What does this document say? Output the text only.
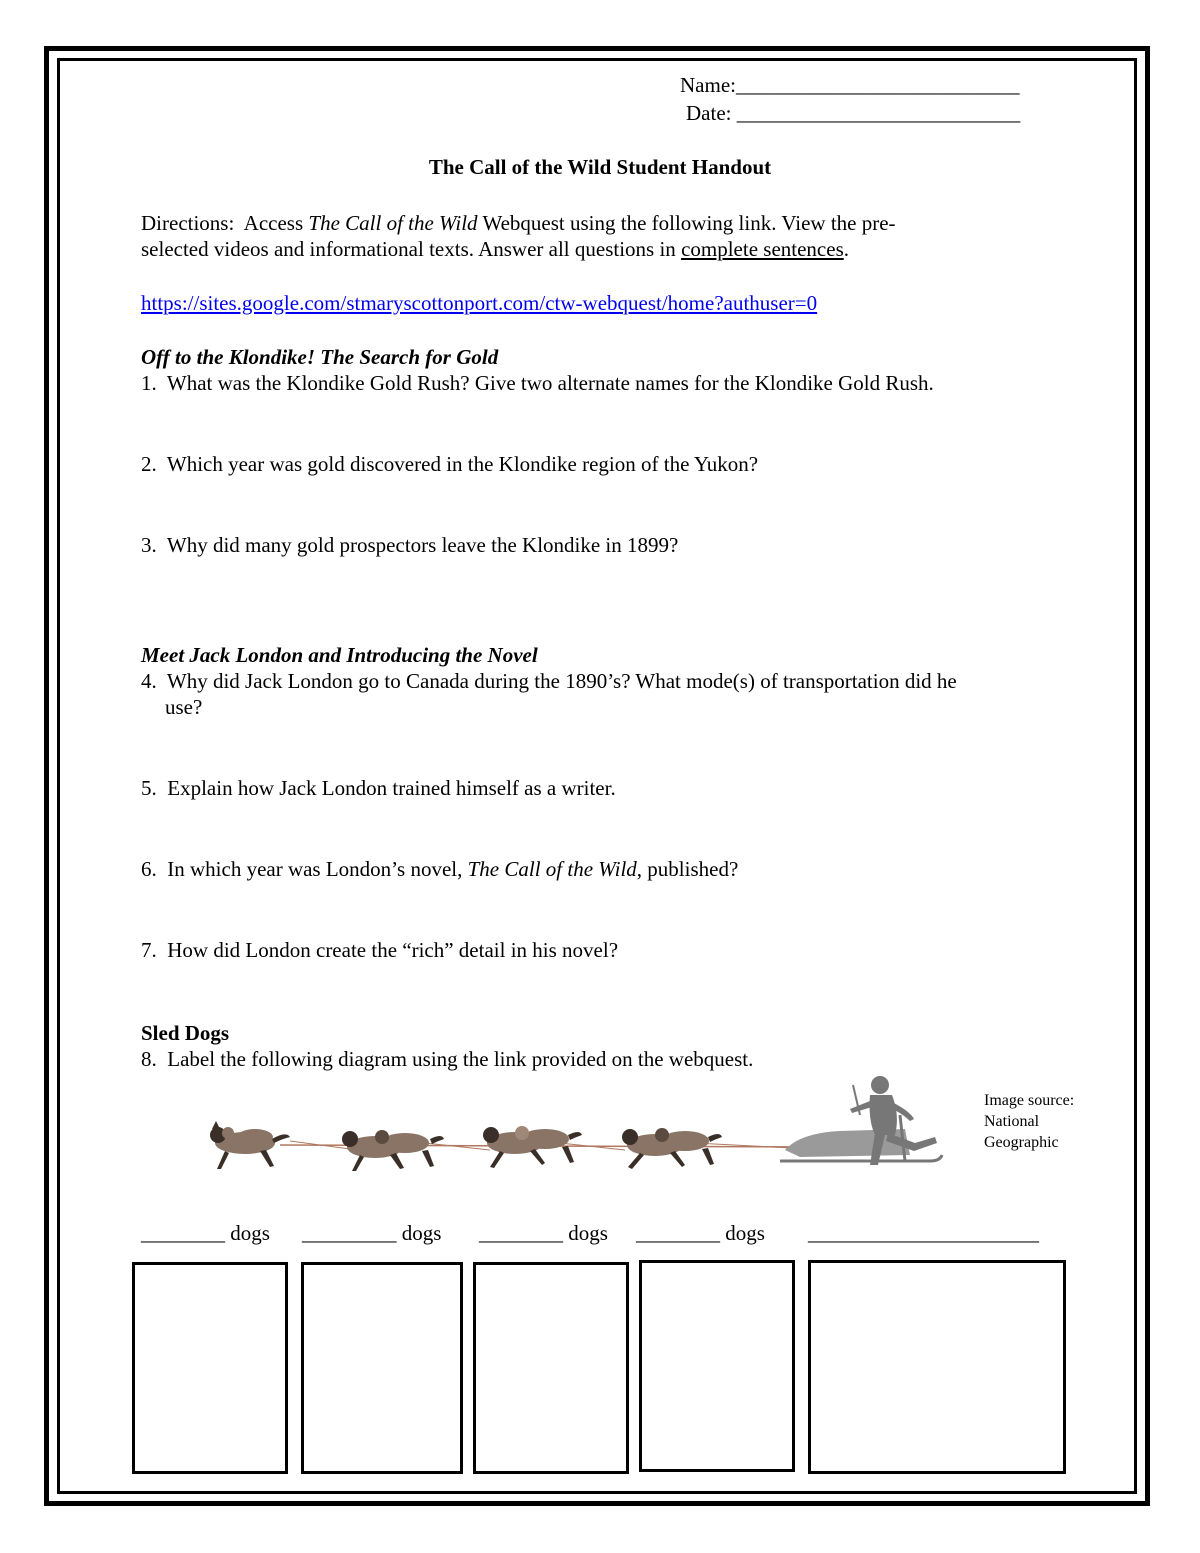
Name:___________________________
Date: ___________________________
The Call of the Wild Student Handout
Directions: Access The Call of the Wild Webquest using the following link. View the pre-
selected videos and informational texts. Answer all questions in complete sentences.
https://sites.google.com/stmaryscottonport.com/ctw-webquest/home?authuser=0
Off to the Klondike! The Search for Gold
1. What was the Klondike Gold Rush? Give two alternate names for the Klondike Gold Rush.
2. Which year was gold discovered in the Klondike region of the Yukon?
3. Why did many gold prospectors leave the Klondike in 1899?
Meet Jack London and Introducing the Novel
4. Why did Jack London go to Canada during the 1890’s? What mode(s) of transportation did he
use?
5. Explain how Jack London trained himself as a writer.
6. In which year was London’s novel, The Call of the Wild, published?
7. How did London create the “rich” detail in his novel?
Sled Dogs
8. Label the following diagram using the link provided on the webquest.
Image source:
National
Geographic
________ dogs _________ dogs ________ dogs ________ dogs ______________________
